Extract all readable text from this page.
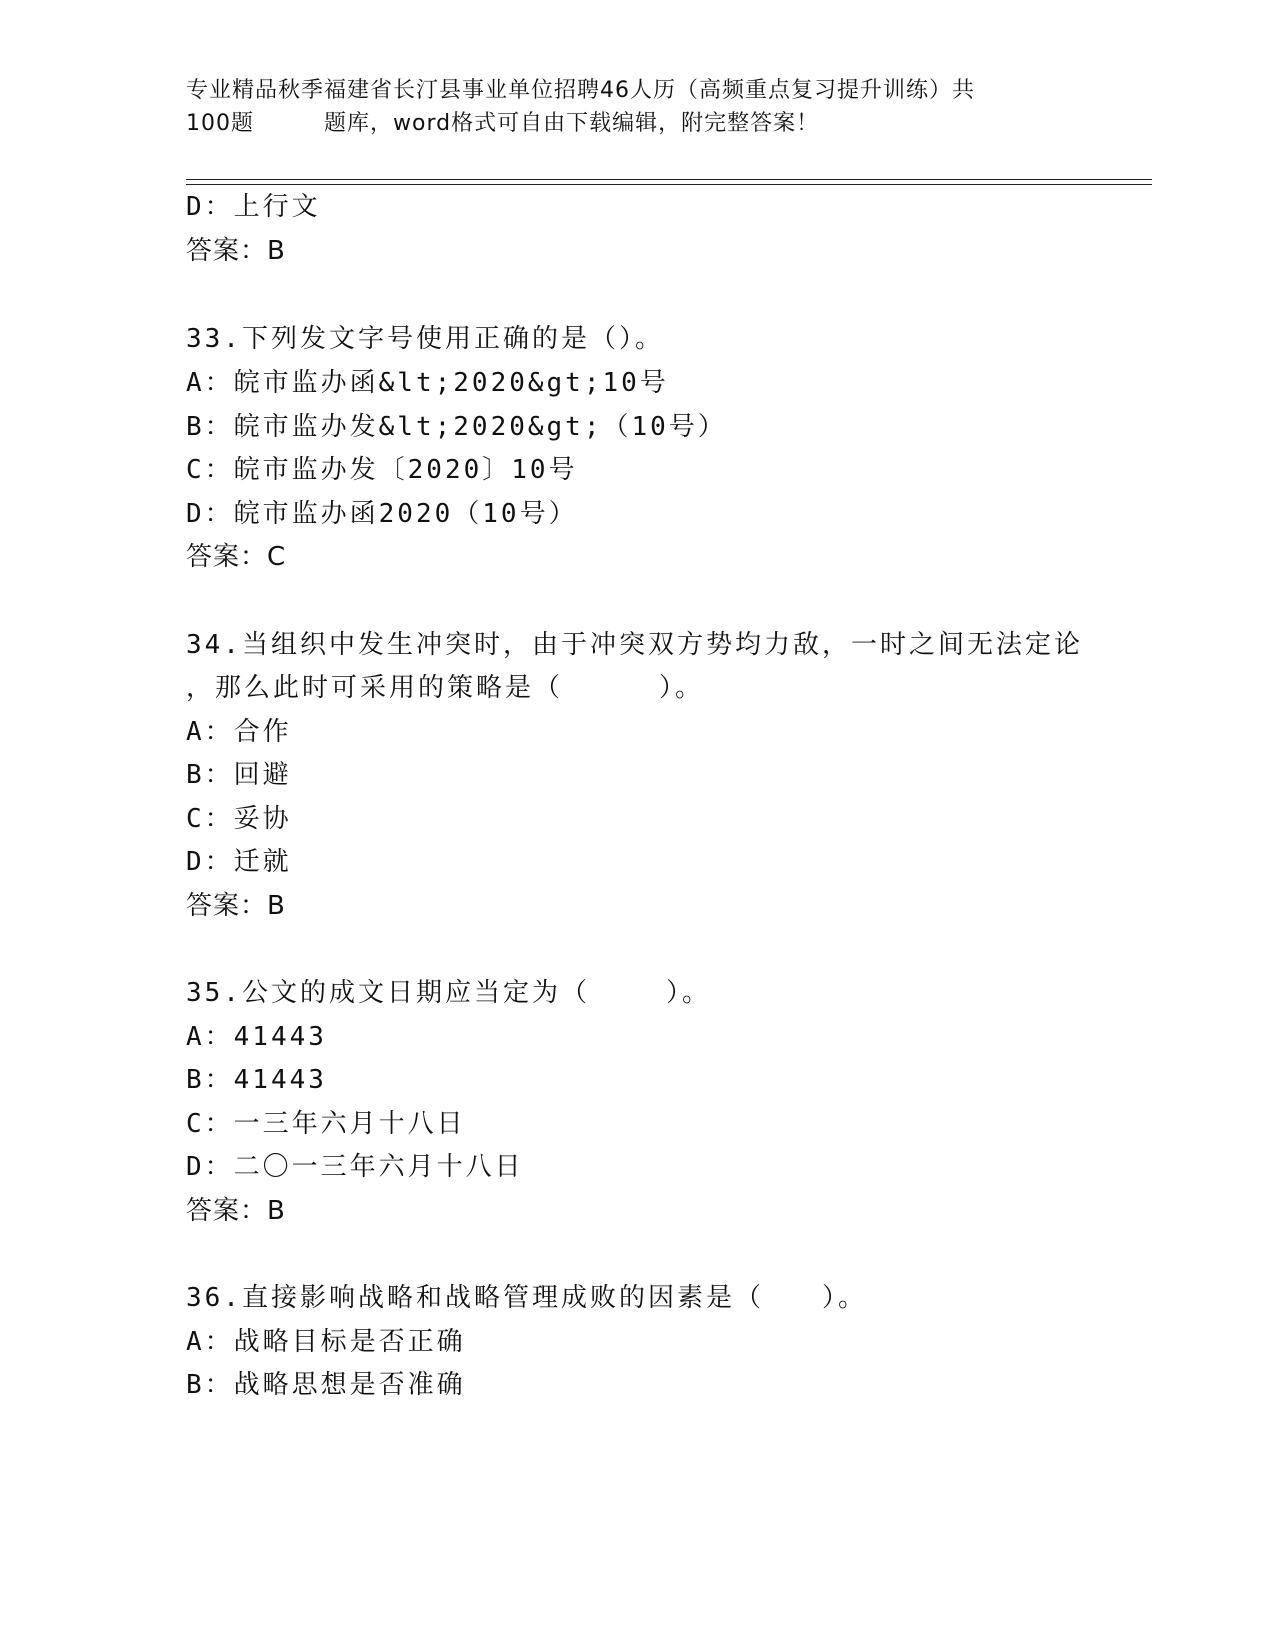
专业精品秋季福建省长汀县事业单位招聘46人历（高频重点复习提升训练）共
100题	题库，word格式可自由下载编辑，附完整答案！
D：上行文
答案：B
33.下列发文字号使用正确的是（）。
A：皖市监办函&lt;2020&gt;10号
B：皖市监办发&lt;2020&gt;（10号）
C：皖市监办发〔2020〕10号
D：皖市监办函2020（10号）
答案：C
34.当组织中发生冲突时，由于冲突双方势均力敌，一时之间无法定论
，那么此时可采用的策略是（	）。
A：合作
B：回避
C：妥协
D：迁就
答案：B
35.公文的成文日期应当定为（	）。
A：41443
B：41443
C：一三年六月十八日
D：二〇一三年六月十八日
答案：B
36.直接影响战略和战略管理成败的因素是（ ）。
A：战略目标是否正确
B：战略思想是否准确
